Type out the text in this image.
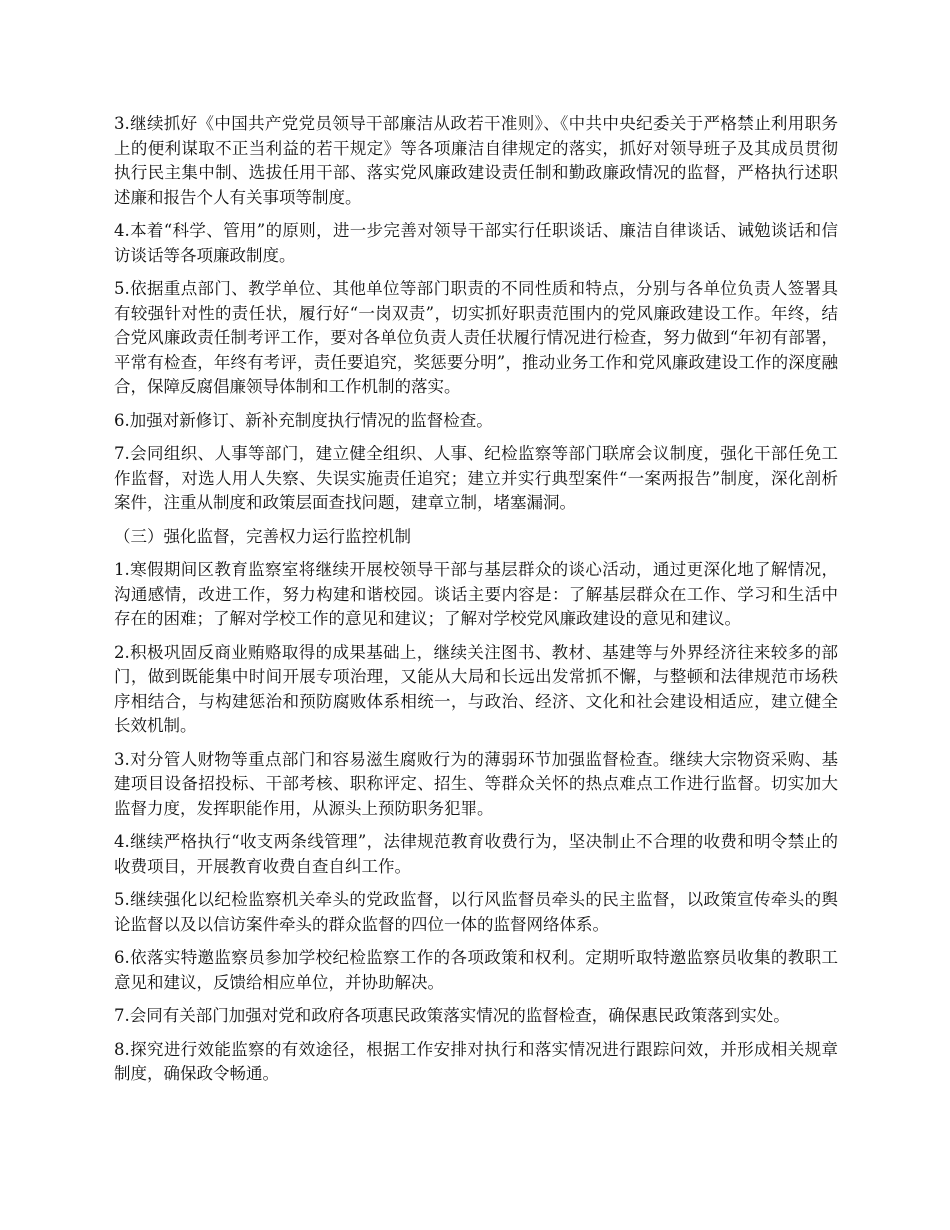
3.继续抓好《中国共产党党员领导干部廉洁从政若干准则》、《中共中央纪委关于严格禁止利用职务上的便利谋取不正当利益的若干规定》等各项廉洁自律规定的落实，抓好对领导班子及其成员贯彻执行民主集中制、选拔任用干部、落实党风廉政建设责任制和勤政廉政情况的监督，严格执行述职述廉和报告个人有关事项等制度。

4.本着“科学、管用”的原则，进一步完善对领导干部实行任职谈话、廉洁自律谈话、诫勉谈话和信访谈话等各项廉政制度。

5.依据重点部门、教学单位、其他单位等部门职责的不同性质和特点，分别与各单位负责人签署具有较强针对性的责任状，履行好“一岗双责”，切实抓好职责范围内的党风廉政建设工作。年终，结合党风廉政责任制考评工作，要对各单位负责人责任状履行情况进行检查，努力做到“年初有部署，平常有检查，年终有考评，责任要追究，奖惩要分明”，推动业务工作和党风廉政建设工作的深度融合，保障反腐倡廉领导体制和工作机制的落实。

6.加强对新修订、新补充制度执行情况的监督检查。

7.会同组织、人事等部门，建立健全组织、人事、纪检监察等部门联席会议制度，强化干部任免工作监督，对选人用人失察、失误实施责任追究；建立并实行典型案件“一案两报告”制度，深化剖析案件，注重从制度和政策层面查找问题，建章立制，堵塞漏洞。

（三）强化监督，完善权力运行监控机制

1.寒假期间区教育监察室将继续开展校领导干部与基层群众的谈心活动，通过更深化地了解情况，沟通感情，改进工作，努力构建和谐校园。谈话主要内容是：了解基层群众在工作、学习和生活中存在的困难；了解对学校工作的意见和建议；了解对学校党风廉政建设的意见和建议。

2.积极巩固反商业贿赂取得的成果基础上，继续关注图书、教材、基建等与外界经济往来较多的部门，做到既能集中时间开展专项治理，又能从大局和长远出发常抓不懈，与整顿和法律规范市场秩序相结合，与构建惩治和预防腐败体系相统一，与政治、经济、文化和社会建设相适应，建立健全长效机制。

3.对分管人财物等重点部门和容易滋生腐败行为的薄弱环节加强监督检查。继续大宗物资采购、基建项目设备招投标、干部考核、职称评定、招生、等群众关怀的热点难点工作进行监督。切实加大监督力度，发挥职能作用，从源头上预防职务犯罪。

4.继续严格执行“收支两条线管理”，法律规范教育收费行为，坚决制止不合理的收费和明令禁止的收费项目，开展教育收费自查自纠工作。

5.继续强化以纪检监察机关牵头的党政监督，以行风监督员牵头的民主监督，以政策宣传牵头的舆论监督以及以信访案件牵头的群众监督的四位一体的监督网络体系。

6.依落实特邀监察员参加学校纪检监察工作的各项政策和权利。定期听取特邀监察员收集的教职工意见和建议，反馈给相应单位，并协助解决。

7.会同有关部门加强对党和政府各项惠民政策落实情况的监督检查，确保惠民政策落到实处。

8.探究进行效能监察的有效途径，根据工作安排对执行和落实情况进行跟踪问效，并形成相关规章制度，确保政令畅通。
